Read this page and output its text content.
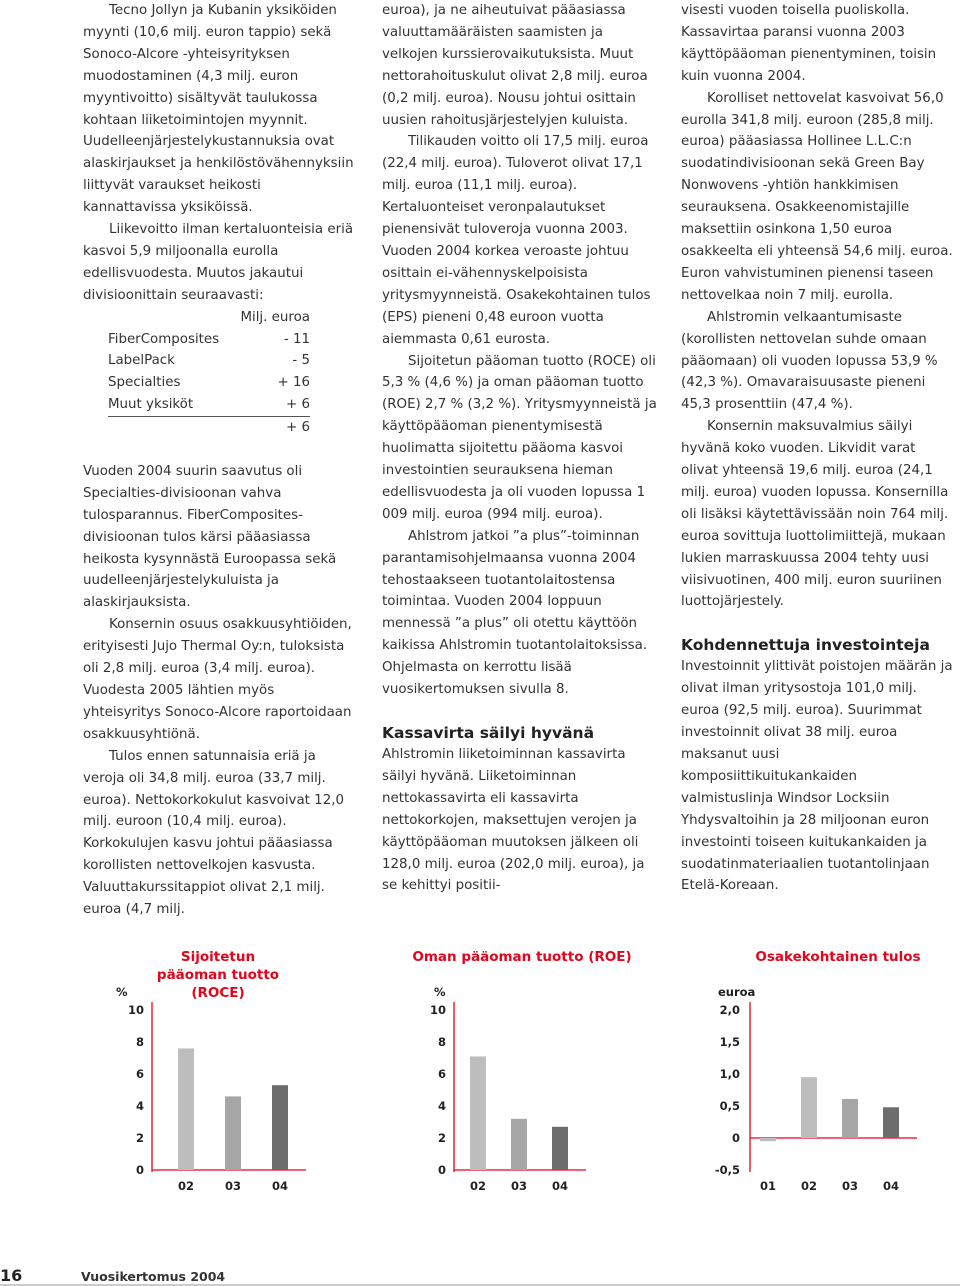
Tecno Jollyn ja Kubanin yksiköiden myynti (10,6 milj. euron tappio) sekä Sonoco-Alcore -yhteisyrityksen muodostaminen (4,3 milj. euron myyntivoitto) sisältyvät taulukossa kohtaan liiketoimintojen myynnit. Uudelleenjärjestelykustannuksia ovat alaskirjaukset ja henkilöstövähennyksiin liittyvät varaukset heikosti kannattavissa yksiköissä.

Liikevoitto ilman kertaluonteisia eriä kasvoi 5,9 miljoonalla eurolla edellisvuodesta. Muutos jakautui divisioonittain seuraavasti:

Milj. euroa
FiberComposites	- 11
LabelPack	- 5
Specialties	+ 16
Muut yksiköt	+ 6
+ 6

Vuoden 2004 suurin saavutus oli Specialties-divisioonan vahva tulosparannus. FiberComposites-divisioonan tulos kärsi pääasiassa heikosta kysynnästä Euroopassa sekä uudelleenjärjestelykuluista ja alaskirjauksista.

Konsernin osuus osakkuusyhtiöiden, erityisesti Jujo Thermal Oy:n, tuloksista oli 2,8 milj. euroa (3,4 milj. euroa). Vuodesta 2005 lähtien myös yhteisyritys Sonoco-Alcore raportoidaan osakkuusyhtiönä.

Tulos ennen satunnaisia eriä ja veroja oli 34,8 milj. euroa (33,7 milj. euroa). Nettokorkokulut kasvoivat 12,0 milj. euroon (10,4 milj. euroa). Korkokulujen kasvu johtui pääasiassa korollisten nettovelkojen kasvusta. Valuuttakurssitappiot olivat 2,1 milj. euroa (4,7 milj.

euroa), ja ne aiheutuivat pääasiassa valuuttamääräisten saamisten ja velkojen kurssierovaikutuksista. Muut nettorahoituskulut olivat 2,8 milj. euroa (0,2 milj. euroa). Nousu johtui osittain uusien rahoitusjärjestelyjen kuluista.

Tilikauden voitto oli 17,5 milj. euroa (22,4 milj. euroa). Tuloverot olivat 17,1 milj. euroa (11,1 milj. euroa). Kertaluonteiset veronpalautukset pienensivät tuloveroja vuonna 2003. Vuoden 2004 korkea veroaste johtuu osittain ei-vähennyskelpoisista yritysmyynneistä. Osakekohtainen tulos (EPS) pieneni 0,48 euroon vuotta aiemmasta 0,61 eurosta.

Sijoitetun pääoman tuotto (ROCE) oli 5,3 % (4,6 %) ja oman pääoman tuotto (ROE) 2,7 % (3,2 %). Yritysmyynneistä ja käyttöpääoman pienentymisestä huolimatta sijoitettu pääoma kasvoi investointien seurauksena hieman edellisvuodesta ja oli vuoden lopussa 1 009 milj. euroa (994 milj. euroa).

Ahlstrom jatkoi ”a plus”-toiminnan parantamisohjelmaansa vuonna 2004 tehostaakseen tuotantolaitostensa toimintaa. Vuoden 2004 loppuun mennessä ”a plus” oli otettu käyttöön kaikissa Ahlstromin tuotantolaitoksissa. Ohjelmasta on kerrottu lisää vuosikertomuksen sivulla 8.

Kassavirta säilyi hyvänä

Ahlstromin liiketoiminnan kassavirta säilyi hyvänä. Liiketoiminnan nettokassavirta eli kassavirta nettokorkojen, maksettujen verojen ja käyttöpääoman muutoksen jälkeen oli 128,0 milj. euroa (202,0 milj. euroa), ja se kehittyi positii-

visesti vuoden toisella puoliskolla. Kassavirtaa paransi vuonna 2003 käyttöpääoman pienentyminen, toisin kuin vuonna 2004.

Korolliset nettovelat kasvoivat 56,0 eurolla 341,8 milj. euroon (285,8 milj. euroa) pääasiassa Hollinee L.L.C:n suodatindivisioonan sekä Green Bay Nonwovens -yhtiön hankkimisen seurauksena. Osakkeenomistajille maksettiin osinkona 1,50 euroa osakkeelta eli yhteensä 54,6 milj. euroa. Euron vahvistuminen pienensi taseen nettovelkaa noin 7 milj. eurolla.

Ahlstromin velkaantumisaste (korollisten nettovelan suhde omaan pääomaan) oli vuoden lopussa 53,9 % (42,3 %). Omavaraisuusaste pieneni 45,3 prosenttiin (47,4 %).

Konsernin maksuvalmius säilyi hyvänä koko vuoden. Likvidit varat olivat yhteensä 19,6 milj. euroa (24,1 milj. euroa) vuoden lopussa. Konsernilla oli lisäksi käytettävissään noin 764 milj. euroa sovittuja luottolimiittejä, mukaan lukien marraskuussa 2004 tehty uusi viisivuotinen, 400 milj. euron suuriinen luottojärjestely.

Kohdennettuja investointeja

Investoinnit ylittivät poistojen määrän ja olivat ilman yritysostoja 101,0 milj. euroa (92,5 milj. euroa). Suurimmat investoinnit olivat 38 milj. euroa maksanut uusi komposiittikuitukankaiden valmistuslinja Windsor Locksiin Yhdysvaltoihin ja 28 miljoonan euron investointi toiseen kuitukankaiden ja suodatinmateriaalien tuotantolinjaan Etelä-Koreaan.

Sijoitetun pääoman tuotto (ROCE)
%
10
8
6
4
2
0
02	03	04
Oman pääoman tuotto (ROE)
%
10
8
6
4
2
0
02 03 04
Osakekohtainen tulos
euroa
2,0
1,5
1,0
0,5
0
-0,5
01 02 03 04
16	Vuosikertomus 2004
